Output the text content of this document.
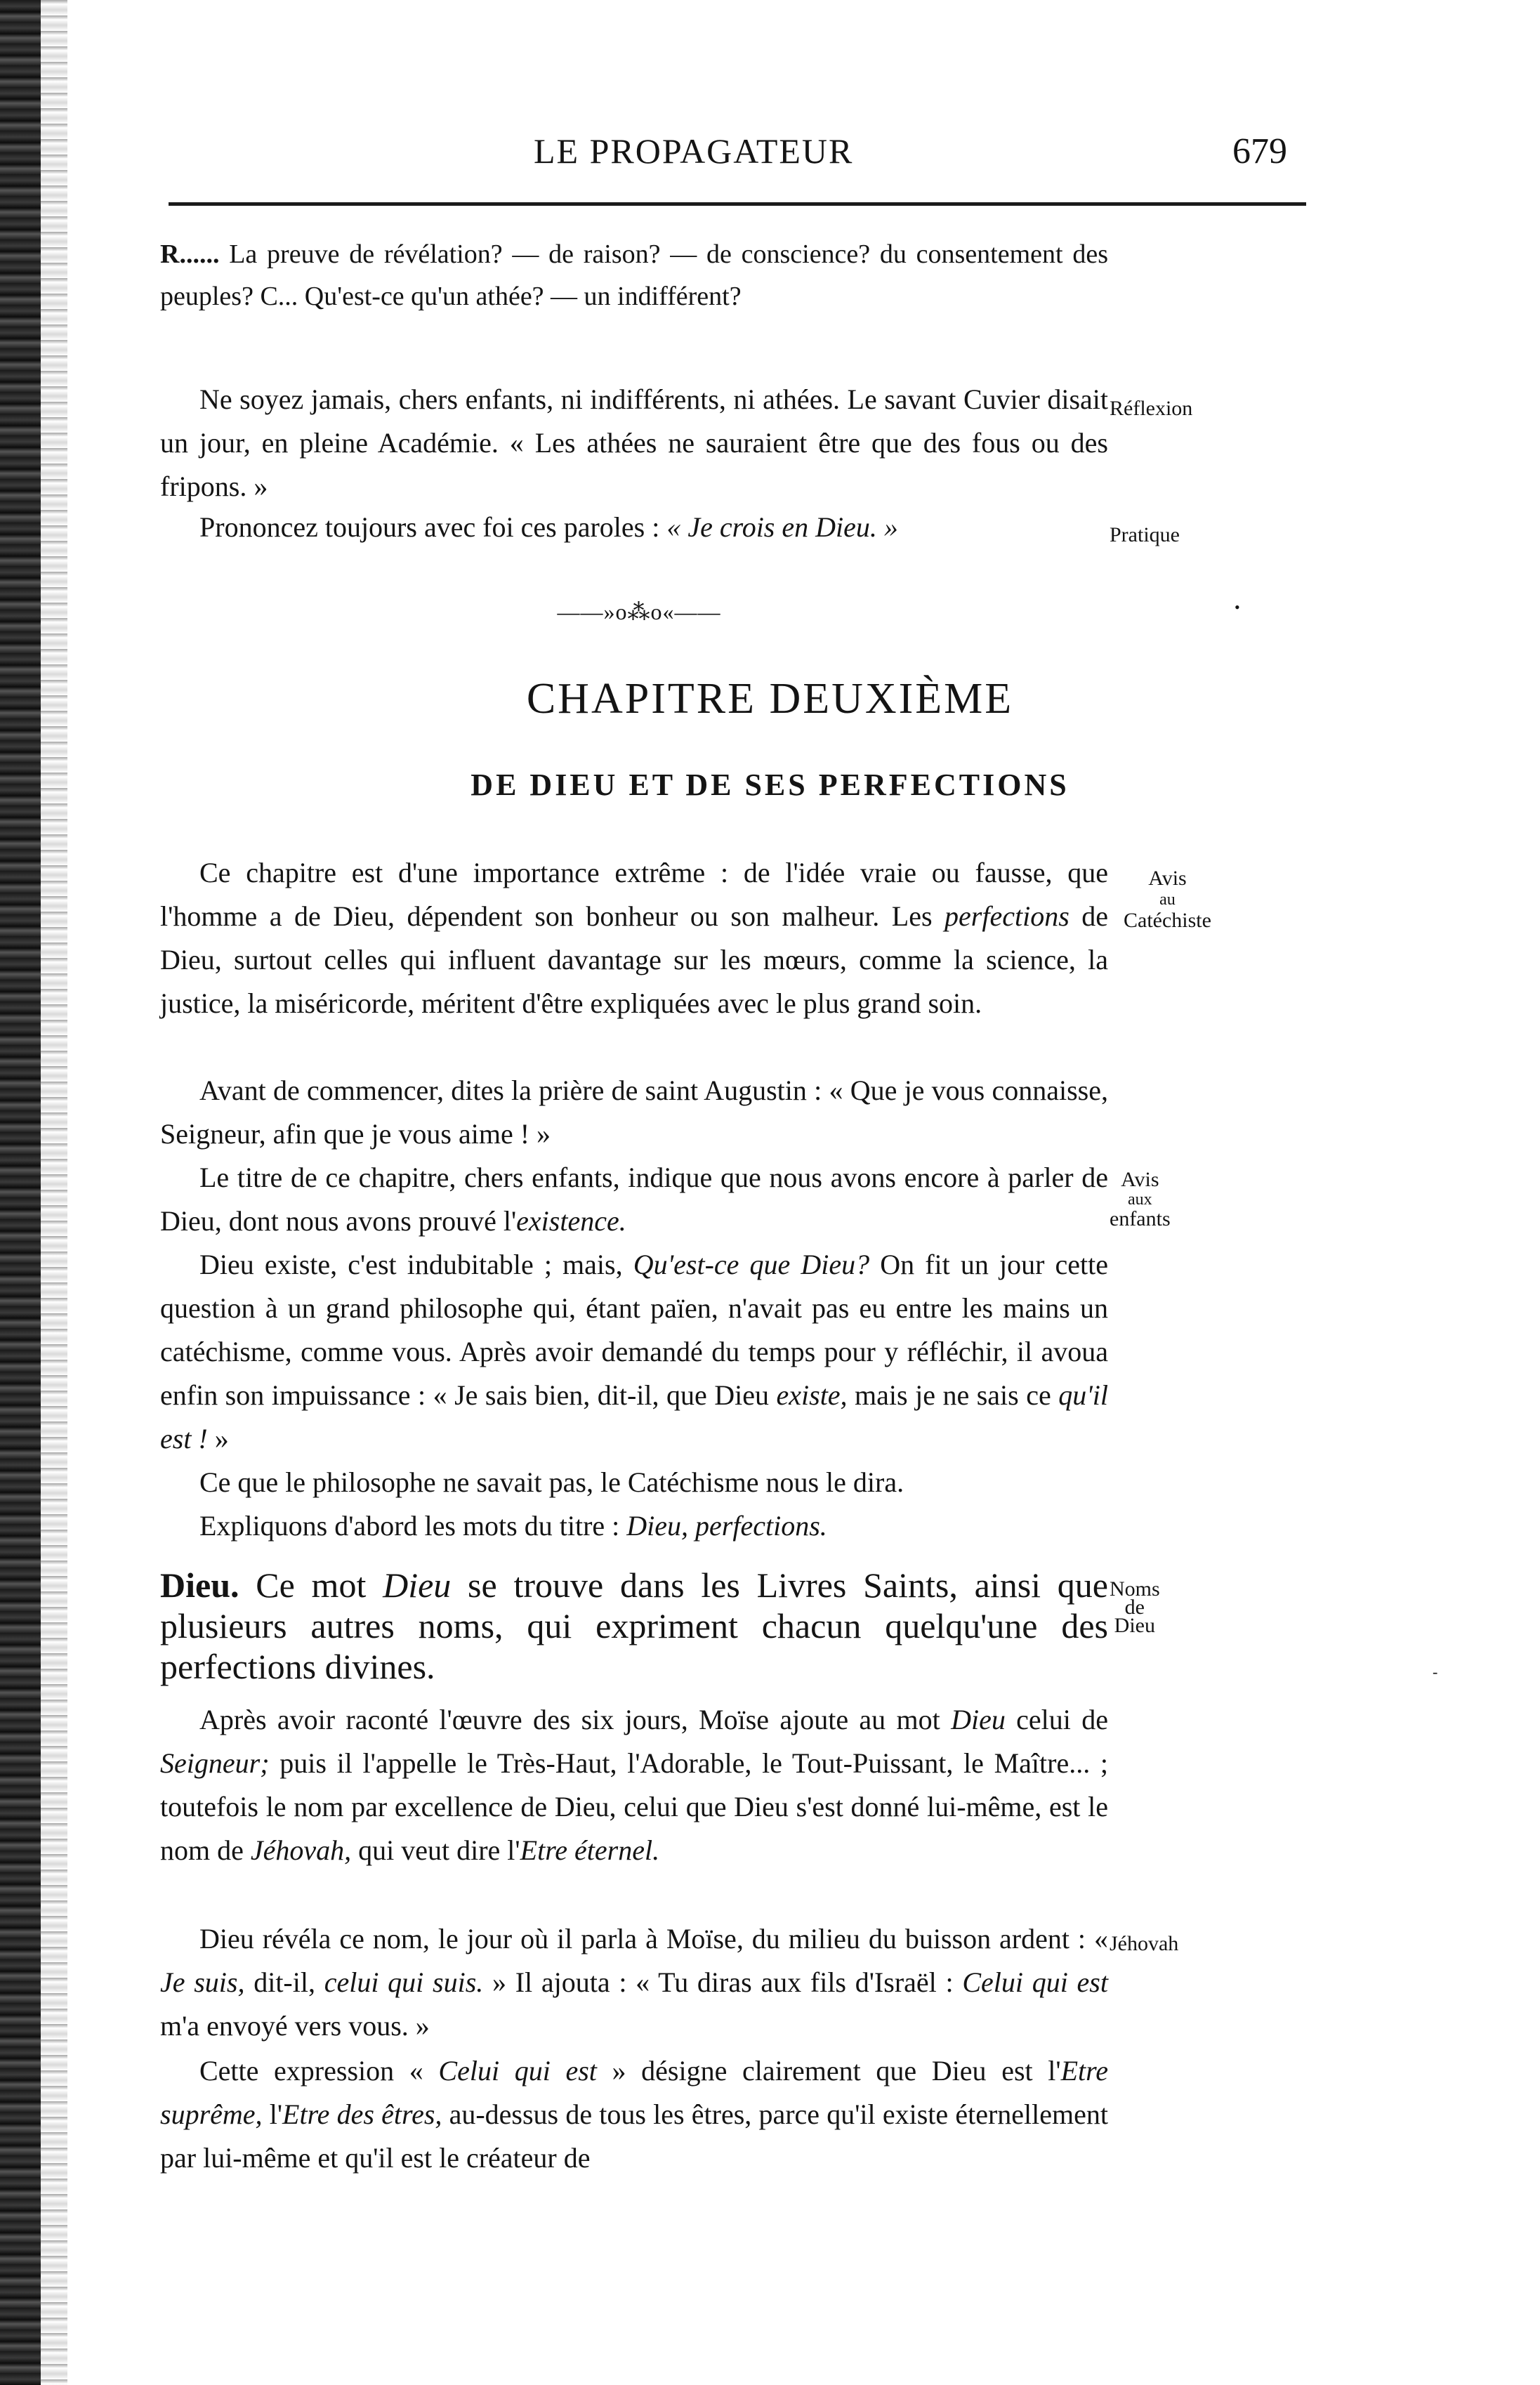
LE PROPAGATEUR	679

R...... La preuve de révélation? — de raison? — de conscience? du consentement des peuples? C... Qu'est-ce qu'un athée? — un indifférent?

Ne soyez jamais, chers enfants, ni indifférents, ni athées. Le savant Cuvier disait un jour, en pleine Académie. « Les athées ne sauraient être que des fous ou des fripons. »

Réflexion

Prononcez toujours avec foi ces paroles : « Je crois en Dieu. »	Pratique
——»o⁂o«——	•
CHAPITRE DEUXIÈME
DE DIEU ET DE SES PERFECTIONS

Ce chapitre est d'une importance extrême : de l'idée vraie ou fausse, que l'homme a de Dieu, dépendent son bonheur ou son malheur. Les perfections de Dieu, surtout celles qui influent davantage sur les mœurs, comme la science, la justice, la miséricorde, méritent d'être expliquées avec le plus grand soin.

Avis
au
Catéchiste

Avant de commencer, dites la prière de saint Augustin : « Que je vous connaisse, Seigneur, afin que je vous aime ! »

Le titre de ce chapitre, chers enfants, indique que nous avons encore à parler de Dieu, dont nous avons prouvé l'existence.

Avis
aux
enfants

Dieu existe, c'est indubitable ; mais, Qu'est-ce que Dieu? On fit un jour cette question à un grand philosophe qui, étant païen, n'avait pas eu entre les mains un catéchisme, comme vous. Après avoir demandé du temps pour y réfléchir, il avoua enfin son impuissance : « Je sais bien, dit-il, que Dieu existe, mais je ne sais ce qu'il est ! »

Ce que le philosophe ne savait pas, le Catéchisme nous le dira.

Expliquons d'abord les mots du titre : Dieu, perfections.

Dieu. Ce mot Dieu se trouve dans les Livres Saints, ainsi que plusieurs autres noms, qui expriment chacun quelqu'une des perfections divines.

Noms
de
Dieu
-

Après avoir raconté l'œuvre des six jours, Moïse ajoute au mot Dieu celui de Seigneur; puis il l'appelle le Très-Haut, l'Adorable, le Tout-Puissant, le Maître... ; toutefois le nom par excellence de Dieu, celui que Dieu s'est donné lui-même, est le nom de Jéhovah, qui veut dire l'Etre éternel.

Dieu révéla ce nom, le jour où il parla à Moïse, du milieu du buisson ardent : « Je suis, dit-il, celui qui suis. » Il ajouta : « Tu diras aux fils d'Israël : Celui qui est m'a envoyé vers vous. »

Jéhovah

Cette expression « Celui qui est » désigne clairement que Dieu est l'Etre suprême, l'Etre des êtres, au-dessus de tous les êtres, parce qu'il existe éternellement par lui-même et qu'il est le créateur de
